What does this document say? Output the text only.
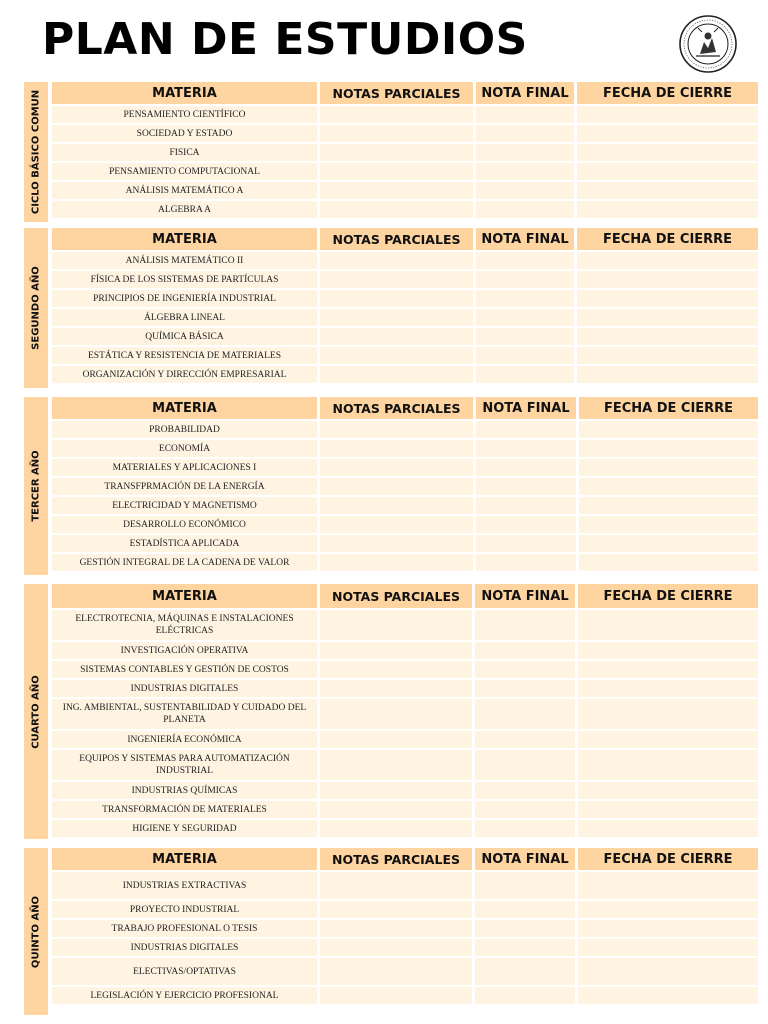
PLAN DE ESTUDIOS
CICLO BÁSICO COMUN	MATERIA	NOTAS PARCIALES	NOTA FINAL	FECHA DE CIERRE
PENSAMIENTO CIENTÍFICO
SOCIEDAD Y ESTADO
FISICA
PENSAMIENTO COMPUTACIONAL
ANÁLISIS MATEMÁTICO A
ALGEBRA A
SEGUNDO AÑO
MATERIA	NOTAS PARCIALES	NOTA FINAL	FECHA DE CIERRE
ANÁLISIS MATEMÁTICO II
FÍSICA DE LOS SISTEMAS DE PARTÍCULAS
PRINCIPIOS DE INGENIERÍA INDUSTRIAL
ÁLGEBRA LINEAL
QUÍMICA BÁSICA
ESTÁTICA Y RESISTENCIA DE MATERIALES
ORGANIZACIÓN Y DIRECCIÓN EMPRESARIAL
TERCER AÑO
MATERIA	NOTAS PARCIALES	NOTA FINAL	FECHA DE CIERRE
PROBABILIDAD
ECONOMÍA
MATERIALES Y APLICACIONES I
TRANSFPRMACIÓN DE LA ENERGÍA
ELECTRICIDAD Y MAGNETISMO
DESARROLLO ECONÓMICO
ESTADÍSTICA APLICADA
GESTIÓN INTEGRAL DE LA CADENA DE VALOR
CUARTO AÑO
MATERIA	NOTAS PARCIALES	NOTA FINAL	FECHA DE CIERRE
ELECTROTECNIA, MÁQUINAS E INSTALACIONES ELÉCTRICAS
INVESTIGACIÓN OPERATIVA
SISTEMAS CONTABLES Y GESTIÓN DE COSTOS
INDUSTRIAS DIGITALES
ING. AMBIENTAL, SUSTENTABILIDAD Y CUIDADO DEL PLANETA
INGENIERÍA ECONÓMICA
EQUIPOS Y SISTEMAS PARA AUTOMATIZACIÓN INDUSTRIAL
INDUSTRIAS QUÍMICAS
TRANSFORMACIÓN DE MATERIALES
HIGIENE Y SEGURIDAD
QUINTO AÑO
MATERIA	NOTAS PARCIALES	NOTA FINAL	FECHA DE CIERRE
INDUSTRIAS EXTRACTIVAS
PROYECTO INDUSTRIAL
TRABAJO PROFESIONAL O TESIS
INDUSTRIAS DIGITALES
ELECTIVAS/OPTATIVAS
LEGISLACIÓN Y EJERCICIO PROFESIONAL
